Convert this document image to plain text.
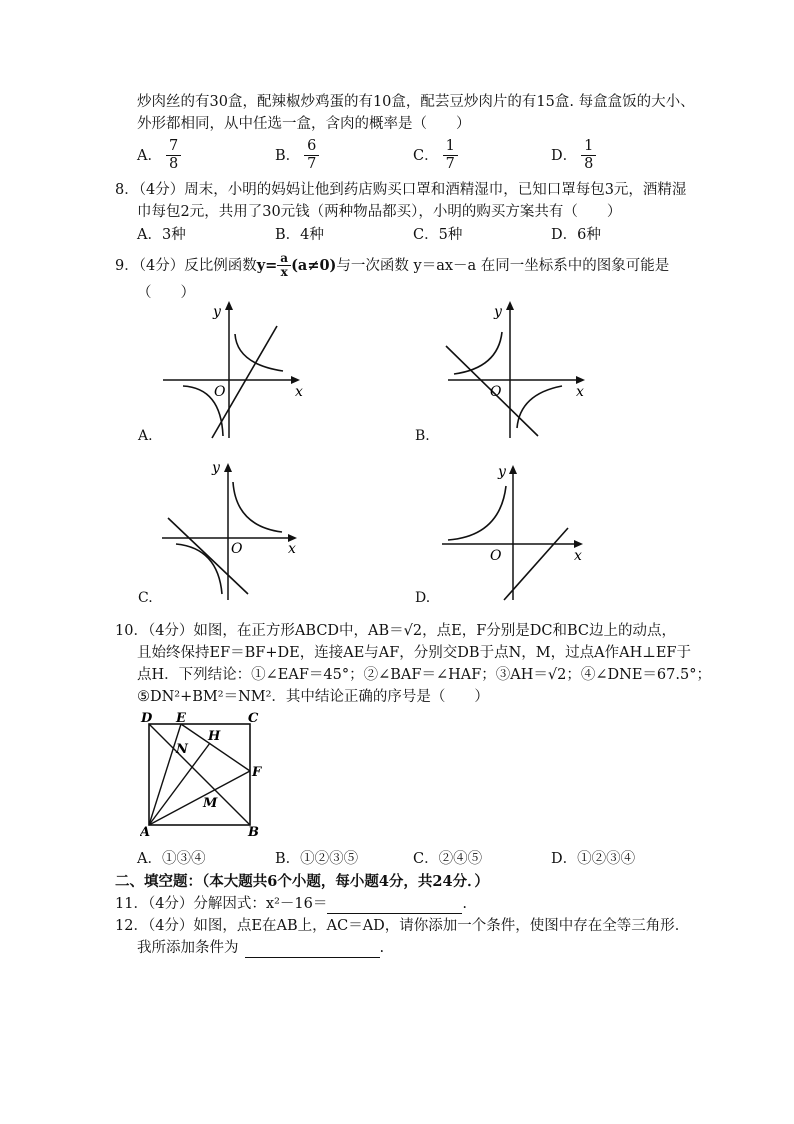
炒肉丝的有30盒，配辣椒炒鸡蛋的有10盒，配芸豆炒肉片的有15盒. 每盒盒饭的大小、
外形都相同，从中任选一盒，含肉的概率是（　　）
A． $\frac{7}{8}$	B． $\frac{6}{7}$	C． $\frac{1}{7}$	D． $\frac{1}{8}$
8．（4分）周末，小明的妈妈让他到药店购买口罩和酒精湿巾，已知口罩每包3元，酒精湿
巾每包2元，共用了30元钱（两种物品都买），小明的购买方案共有（　　）
A．3种	B．4种	C．5种	D．6种
9．（4分）反比例函数 $y= \frac{a}{x} (a\ne 0)$ 与一次函数 y＝ax－a 在同一坐标系中的图象可能是
（　　）
y
x
O
A.
y
x
O
B.
y
x
O
C.
y
x
O
D.
10．（4分）如图，在正方形ABCD中，AB＝√2，点E，F分别是DC和BC边上的动点，
且始终保持EF＝BF+DE，连接AE与AF，分别交DB于点N，M，过点A作AH⊥EF于
点H．下列结论：①∠EAF＝45°；②∠BAF＝∠HAF；③AH＝√2；④∠DNE＝67.5°；
⑤DN²+BM²＝NM²．其中结论正确的序号是（　　）
D E	C
N
H
F
M
A	B
A．①③④	B．①②③⑤	C．②④⑤	D．①②③④
二、填空题：（本大题共6个小题，每小题4分，共24分．）
11．（4分）分解因式：x²－16＝	.
12．（4分）如图，点E在AB上，AC＝AD，请你添加一个条件，使图中存在全等三角形．
我所添加条件为	.
